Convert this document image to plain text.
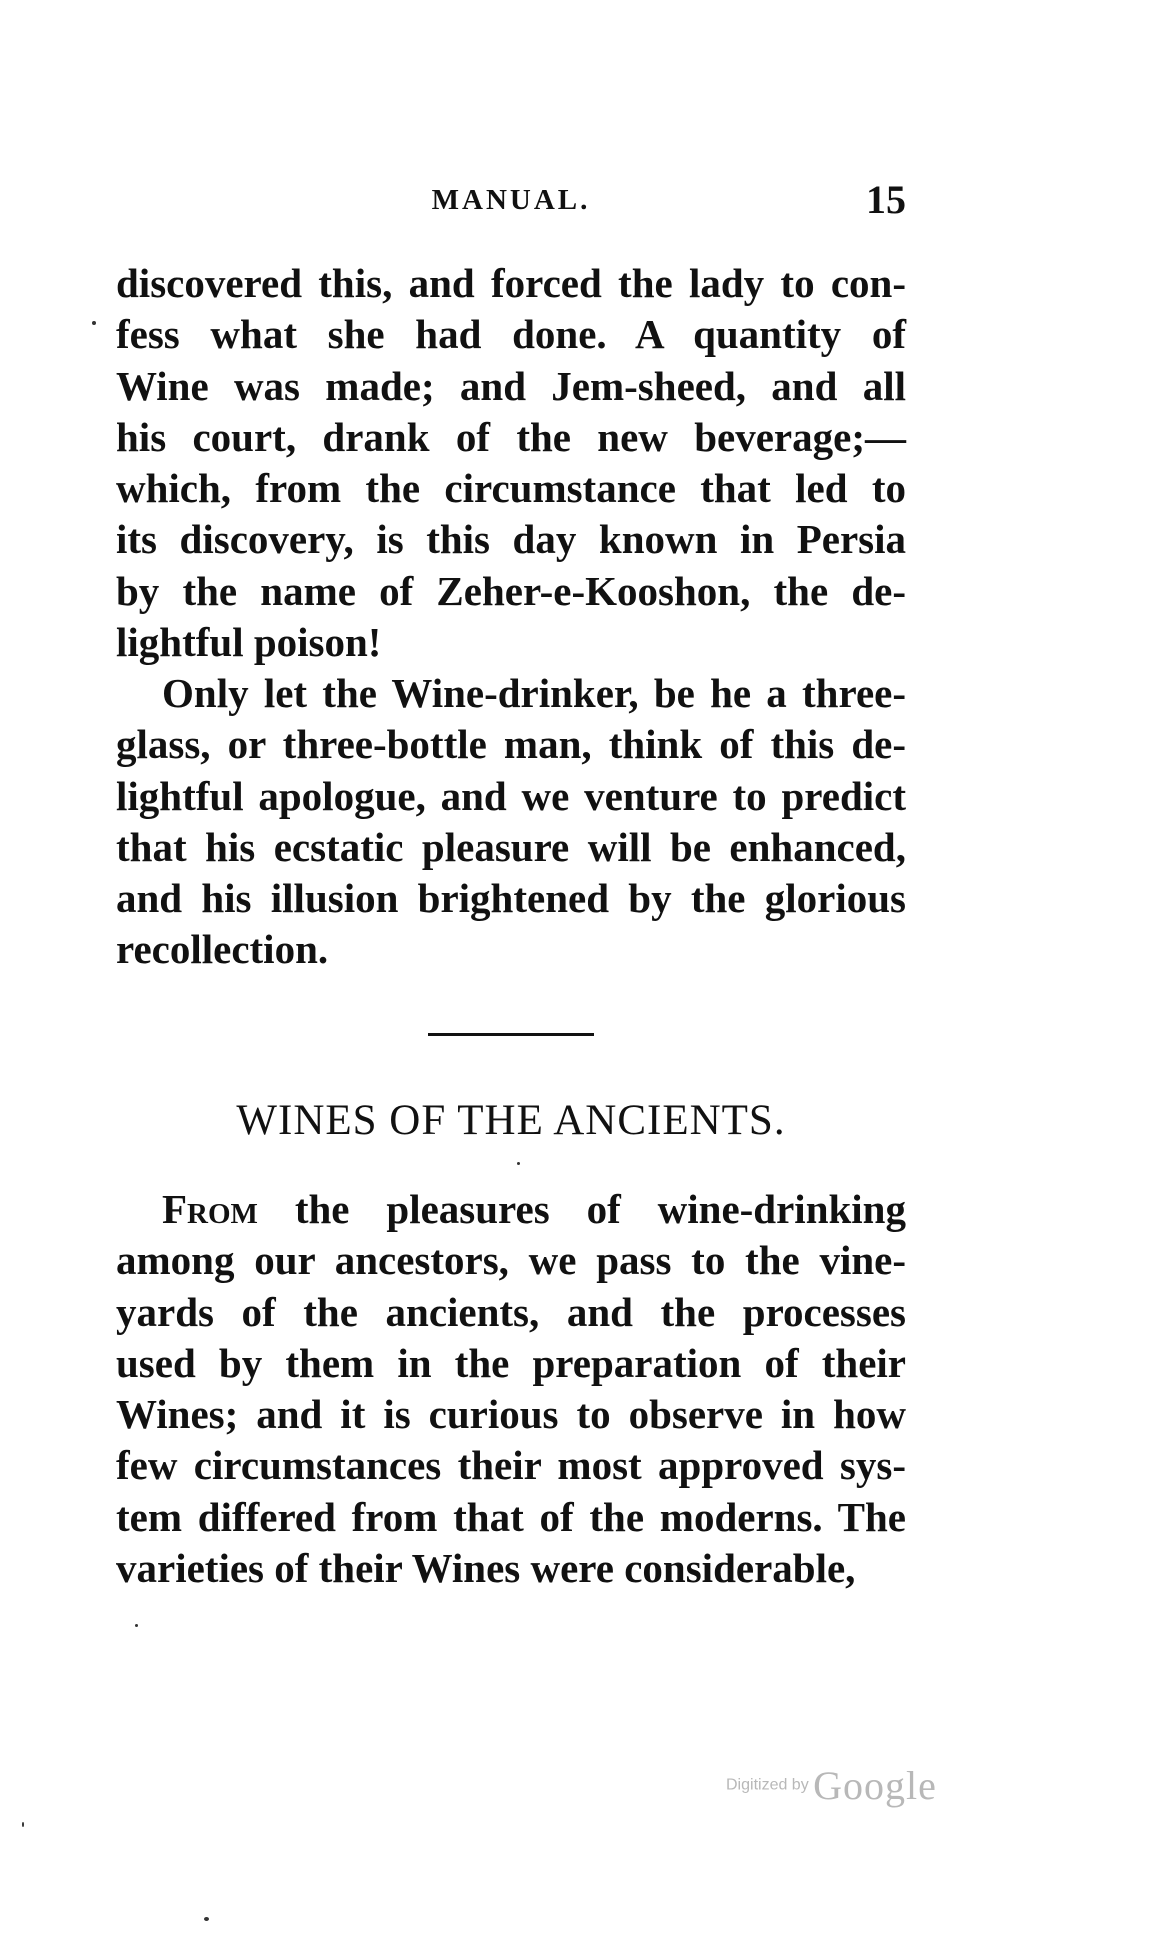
MANUAL.	15
discovered this, and forced the lady to con-
fess what she had done. A quantity of
Wine was made; and Jem-sheed, and all
his court, drank of the new beverage;—
which, from the circumstance that led to
its discovery, is this day known in Persia
by the name of Zeher-e-Kooshon, the de-
lightful poison!
Only let the Wine-drinker, be he a three-
glass, or three-bottle man, think of this de-
lightful apologue, and we venture to predict
that his ecstatic pleasure will be enhanced,
and his illusion brightened by the glorious
recollection.
WINES OF THE ANCIENTS.
From the pleasures of wine-drinking
among our ancestors, we pass to the vine-
yards of the ancients, and the processes
used by them in the preparation of their
Wines; and it is curious to observe in how
few circumstances their most approved sys-
tem differed from that of the moderns. The
varieties of their Wines were considerable,
Digitized by Google
